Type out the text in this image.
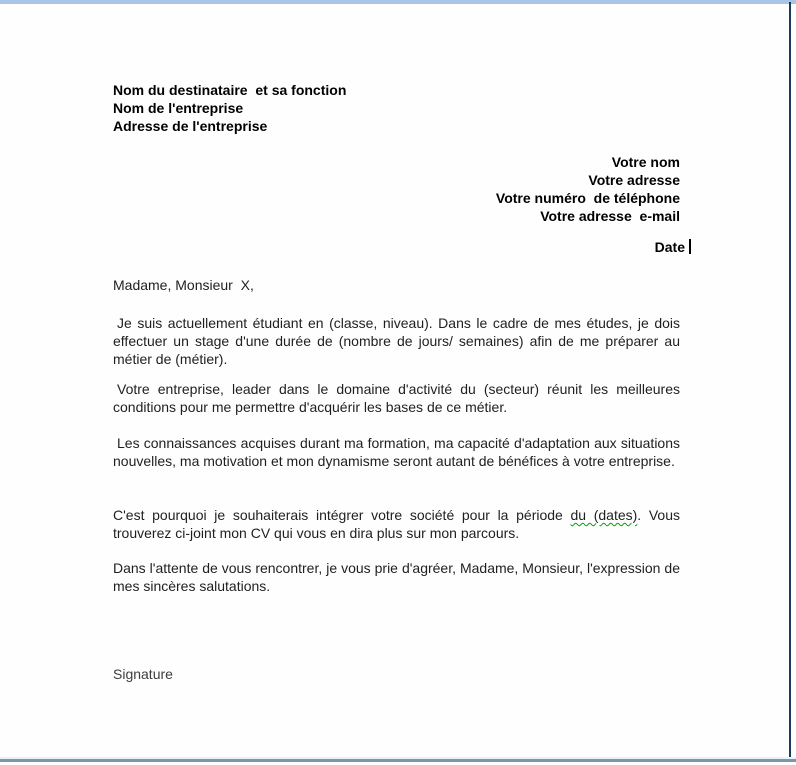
Nom du destinataire  et sa fonction
Nom de l'entreprise
Adresse de l'entreprise
Votre nom
Votre adresse
Votre numéro  de téléphone
Votre adresse  e-mail
Date
Madame, Monsieur  X,

Je suis actuellement étudiant en (classe, niveau). Dans le cadre de mes études, je dois effectuer un stage d'une durée de (nombre de jours/ semaines) afin de me préparer au métier de (métier).

Votre entreprise, leader dans le domaine d'activité du (secteur) réunit les meilleures conditions pour me permettre d'acquérir les bases de ce métier.

Les connaissances acquises durant ma formation, ma capacité d'adaptation aux situations nouvelles, ma motivation et mon dynamisme seront autant de bénéfices à votre entreprise.

C'est pourquoi je souhaiterais intégrer votre société pour la période du (dates). Vous trouverez ci-joint mon CV qui vous en dira plus sur mon parcours.

Dans l'attente de vous rencontrer, je vous prie d'agréer, Madame, Monsieur, l'expression de mes sincères salutations.

Signature
